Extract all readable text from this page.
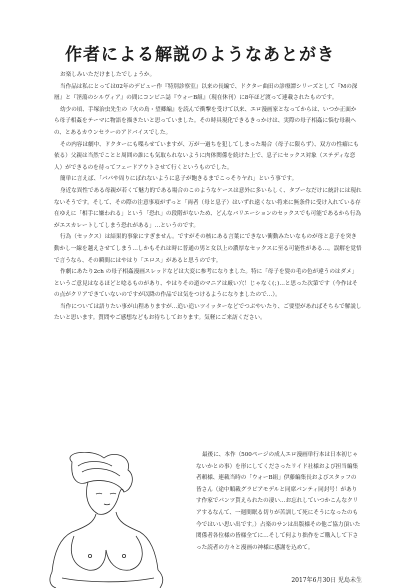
作者による解説のようなあとがき

お楽しみいただけましたでしょうか。

当作品は私にとっては02年のデビュー作『特別診察室』以来の長編で、ドクター曲田の診療譚シリーズとして『Mの深層』と『淫蕩のシルヴィア』の間にコンビニ誌『ウォーB組』（現在休刊）に8年ほど渡って連載されたものです。

幼少の頃、手塚治虫先生の『火の鳥・望郷編』を読んで衝撃を受けて以来、エロ漫画家となってからは、いつか正面から母子相姦をテーマに物語を描きたいと思っていました。その時具現化できるきっかけは、実際の母子相姦に悩む母親への、とあるカウンセラーのアドバイスでした。

その内容は劇中、ドクターにも喋らせていますが、万が一過ちを犯してしまった場合（母子に限らず）、双方の性癖にも依る）父親は当然でことと周囲の誰にも気取られないように肉体関係を続けた上で、息子にセックス対象（ステディな恋人）ができるのを待ってフェードアウトさせて行くというものでした。

簡単に言えば、「パパや周りにばれないように息子が飽きるまでこっそりヤれ」という事です。

身近な異性である母親が若くて魅力的である場合のこのようなケースは意外に多いらしく、タブーなだけに統計には現れないそうです。そして、その際の注意事項がずっと「両者（母と息子）はいずれ遠くない将来に無条件に受け入れている存在ゆえに「相手に嫌われる」という「恐れ」の段階がないため、どんなバリエーションのセックスでも可能であるから行為がエスカレートしてしまう恐れがある」…というのです。

行為（セックス）は結果的事象にすぎません。ですがその核にある言葉にできない衝動みたいなものが母と息子を突き動かし一線を越えさせてしまう…しかもそれは時に普通の男と女以上の濃厚なセックスに至る可能性がある…。誤解を覚悟で言うなら、その瞬間にはやはり「エロス」があると思うのです。

作劇にあたり2ch の母子相姦漫画スレッドなどは大変に参考になりました。特に「母子を髪の毛の色が違うのはダメ」というご意見はなるほどと唸るものがあり、やはりその道のマニアは厳い穴！じゃなく(；)…と思った次第です（今作はその点がクリアできていないのですが以降の作品では気をつけるようになりましたので…）。

当作については語りたい事が山程ありますが…追い追いツイッターなどでつぶやいたり、ご要望があればそちらで解説したいと思います。質問やご感想などもお待ちしております。気軽にご来訪ください。

最後に、本作（500ページの成人エロ漫画単行本は日本初じゃないかとの事）を形にしてくださったリイド社様および担当編集者頼様、連載当時の「ウォーB組」伊藤編集長およびスタッフの皆さん（途中順載グラビアモデルと同席パンティ同封号！がありす作家でパンツ貰えられたの凄い…お忘れしていつかこんなクリアするなんて、一週間眠る切りが苦訓して死にそうになったのも今ではいい思い出です。）占楽のサンは出版様その他ご協力頂いた関係者各位様の皆様全てに…そして何より拙作をご購入して下さった読者の方々と漫画の神様に感謝を込めて。

2017年6月30日 児島未生
